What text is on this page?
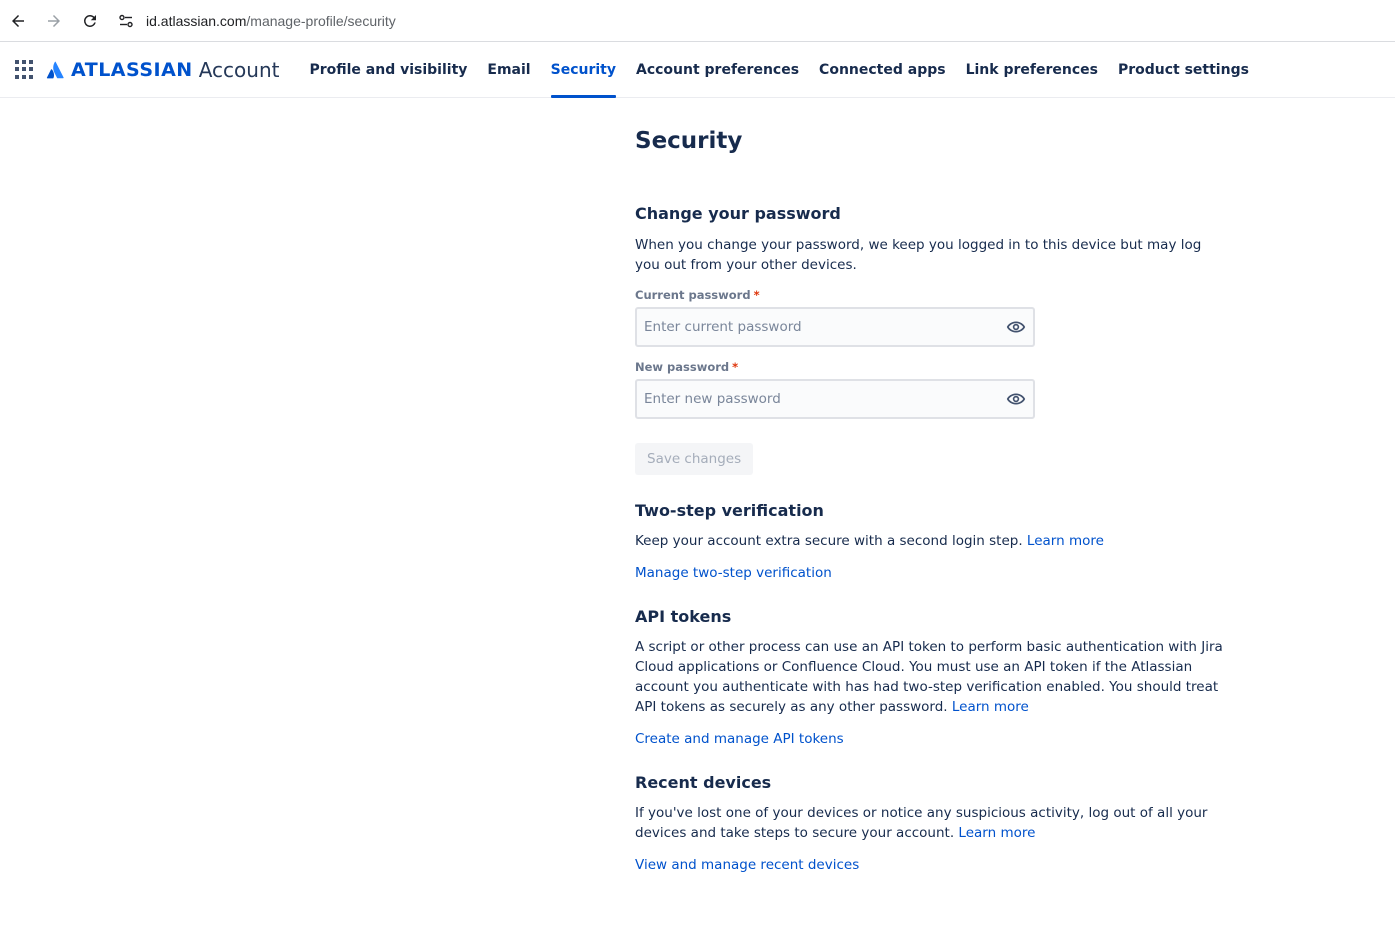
id.atlassian.com/manage-profile/security
ATLASSIAN Account	Profile and visibility	Email	Security	Account preferences	Connected apps	Link preferences	Product settings
Security
Change your password

When you change your password, we keep you logged in to this device but may log you out from your other devices.

Current password *
New password *
Save changes
Two-step verification

Keep your account extra secure with a second login step. Learn more

Manage two-step verification
API tokens

A script or other process can use an API token to perform basic authentication with Jira Cloud applications or Confluence Cloud. You must use an API token if the Atlassian account you authenticate with has had two-step verification enabled. You should treat API tokens as securely as any other password. Learn more

Create and manage API tokens
Recent devices

If you've lost one of your devices or notice any suspicious activity, log out of all your devices and take steps to secure your account. Learn more

View and manage recent devices
